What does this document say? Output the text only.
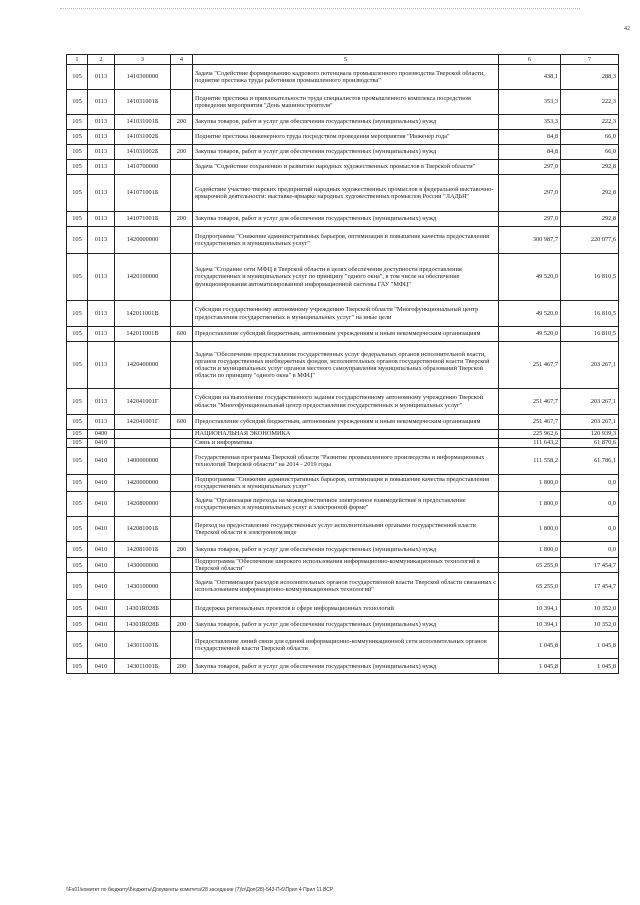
42
1	2	3	4	5	6	7
105	0113	1410300000		Задача "Содействие формированию кадрового потенциала промышленного производства Тверской области, поднятие престижа труда работников промышленного производства"	438,1	288,3
105	0113	141031001Б		Поднятие престижа и привлекательности труда специалистов промышленного комплекса посредством проведения мероприятия "День машиностроителя"	353,3	222,3
105	0113	141031001Б	200	Закупка товаров, работ и услуг для обеспечения государственных (муниципальных) нужд	353,3	222,3
105	0113	141031002Б		Поднятие престижа инженерного труда посредством проведения мероприятия "Инженер года"	84,8	66,0
105	0113	141031002Б	200	Закупка товаров, работ и услуг для обеспечения государственных (муниципальных) нужд	84,8	66,0
105	0113	1410700000		Задача "Содействие сохранению и развитию народных художественных промыслов в Тверской области"	297,0	292,8
105	0113	141071001Б		Содействие участию тверских предприятий народных художественных промыслов в федеральной выставочно-ярмарочной деятельности: выставке-ярмарке народных художественных промыслов России "ЛАДЬЯ"	297,0	292,8
105	0113	141071001Б	200	Закупка товаров, работ и услуг для обеспечения государственных (муниципальных) нужд	297,0	292,8
105	0113	1420000000		Подпрограмма "Снижение административных барьеров, оптимизация и повышение качества предоставления государственных и муниципальных услуг"	300 987,7	220 077,6
105	0113	1420100000		Задача "Создание сети МФЦ в Тверской области в целях обеспечения доступности предоставления государственных и муниципальных услуг по принципу "одного окна", в том числе на обеспечение функционирования автоматизированной информационной системы ГАУ "МФЦ"	49 520,0	16 810,5
105	0113	142011001В		Субсидии государственному автономному учреждению Тверской области "Многофункциональный центр предоставления государственных и муниципальных услуг" на иные цели	49 520,0	16 810,5
105	0113	142011001В	600	Предоставление субсидий бюджетным, автономным учреждениям и иным некоммерческим организациям	49 520,0	16 810,5
105	0113	1420400000		Задача "Обеспечение предоставления государственных услуг федеральных органов исполнительной власти, органов государственных внебюджетных фондов, исполнительных органов государственной власти Тверской области и муниципальных услуг органов местного самоуправления муниципальных образований Тверской области по принципу "одного окна" в МФЦ"	251 467,7	203 267,1
105	0113	142041001Г		Субсидии на выполнение государственного задания государственному автономному учреждению Тверской области "Многофункциональный центр предоставления государственных и муниципальных услуг"	251 467,7	203 267,1
105	0113	142041001Г	600	Предоставление субсидий бюджетным, автономным учреждениям и иным некоммерческим организациям	251 467,7	203 267,1
105	0400			НАЦИОНАЛЬНАЯ ЭКОНОМИКА	225 962,6	120 939,3
105	0410			Связь и информатика	111 643,2	61 870,6
105	0410	1400000000		Государственная программа Тверской области "Развитие промышленного производства и информационных технологий Тверской области" на 2014 - 2019 годы	111 558,2	61 786,1
105	0410	1420000000		Подпрограмма "Снижение административных барьеров, оптимизация и повышение качества предоставления государственных и муниципальных услуг"	1 800,0	0,0
105	0410	1420800000		Задача "Организация перехода на межведомственное электронное взаимодействие и предоставление государственных и муниципальных услуг в электронной форме"	1 800,0	0,0
105	0410	142081001Б		Переход на предоставление государственных услуг исполнительными органами государственной власти Тверской области в электронном виде	1 800,0	0,0
105	0410	142081001Б	200	Закупка товаров, работ и услуг для обеспечения государственных (муниципальных) нужд	1 800,0	0,0
105	0410	1430000000		Подпрограмма "Обеспечение широкого использования информационно-коммуникационных технологий в Тверской области"	65 255,0	17 454,7
105	0410	1430100000		Задача "Оптимизация расходов исполнительных органов государственной власти Тверской области связанных с использованием информационно-коммуникационных технологий"	65 255,0	17 454,7
105	0410	14301R028Б		Поддержка региональных проектов в сфере информационных технологий	10 394,1	10 352,0
105	0410	14301R028Б	200	Закупка товаров, работ и услуг для обеспечения государственных (муниципальных) нужд	10 394,1	10 352,0
105	0410	143011001Б		Предоставление линий связи для единой информационно-коммуникационной сети исполнительных органов государственной власти Тверской области	1 045,8	1 045,8
105	0410	143011001Б	200	Закупка товаров, работ и услуг для обеспечения государственных (муниципальных) нужд	1 045,8	1 045,8
\\Fs01\комитет по бюджету\Бюджеты\Документы комитета\28 заседание (7)\п\Доп(28)-543-П-6\Прил 4 Прил 11 ВСР
